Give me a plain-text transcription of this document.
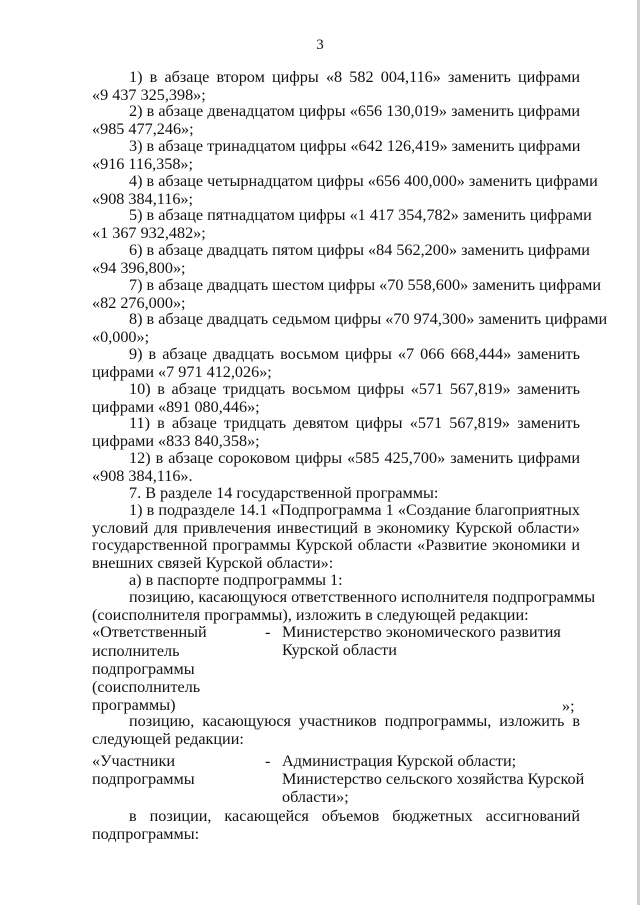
3
1) в абзаце втором цифры «8 582 004,116» заменить цифрами
«9 437 325,398»;
2) в абзаце двенадцатом цифры «656 130,019» заменить цифрами
«985 477,246»;
3) в абзаце тринадцатом цифры «642 126,419» заменить цифрами
«916 116,358»;
4) в абзаце четырнадцатом цифры «656 400,000» заменить цифрами
«908 384,116»;
5) в абзаце пятнадцатом цифры «1 417 354,782» заменить цифрами
«1 367 932,482»;
6) в абзаце двадцать пятом цифры «84 562,200» заменить цифрами
«94 396,800»;
7) в абзаце двадцать шестом цифры «70 558,600» заменить цифрами
«82 276,000»;
8) в абзаце двадцать седьмом цифры «70 974,300» заменить цифрами
«0,000»;
9) в абзаце двадцать восьмом цифры «7 066 668,444» заменить
цифрами «7 971 412,026»;
10) в абзаце тридцать восьмом цифры «571 567,819» заменить
цифрами «891 080,446»;
11) в абзаце тридцать девятом цифры «571 567,819» заменить
цифрами «833 840,358»;
12) в абзаце сороковом цифры «585 425,700» заменить цифрами
«908 384,116».
7. В разделе 14 государственной программы:
1) в подразделе 14.1 «Подпрограмма 1 «Создание благоприятных
условий для привлечения инвестиций в экономику Курской области»
государственной программы Курской области «Развитие экономики и
внешних связей Курской области»:
а) в паспорте подпрограммы 1:
позицию, касающуюся ответственного исполнителя подпрограммы
(соисполнителя программы), изложить в следующей редакции:
«Ответственный
исполнитель
подпрограммы
(соисполнитель
программы)
- Министерство экономического развития
Курской области
»;
позицию, касающуюся участников подпрограммы, изложить в
следующей редакции:
«Участники
подпрограммы
- Администрация Курской области;
Министерство сельского хозяйства Курской
области»;
в позиции, касающейся объемов бюджетных ассигнований
подпрограммы:
